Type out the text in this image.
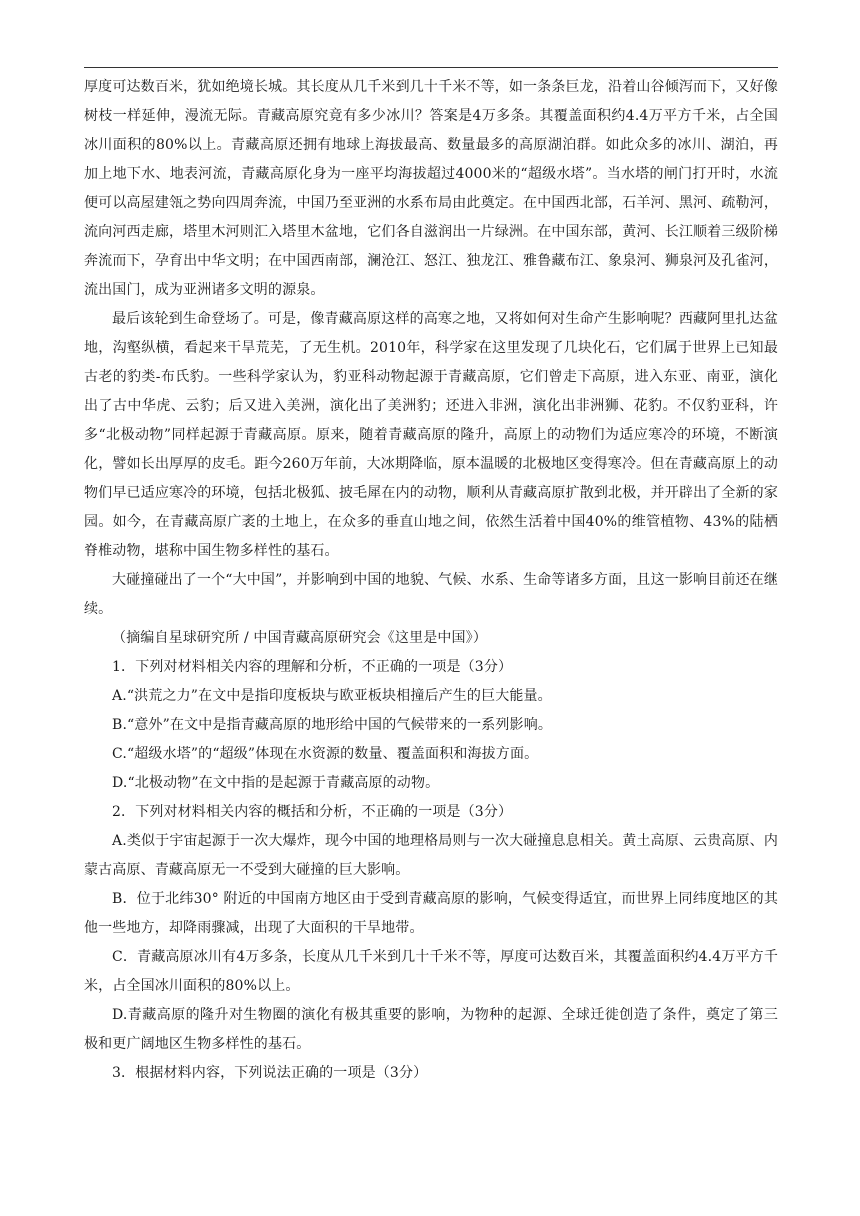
厚度可达数百米，犹如绝境长城。其长度从几千米到几十千米不等，如一条条巨龙，沿着山谷倾泻而下，又好像树枝一样延伸，漫流无际。青藏高原究竟有多少冰川？答案是4万多条。其覆盖面积约4.4万平方千米，占全国冰川面积的80%以上。青藏高原还拥有地球上海拔最高、数量最多的高原湖泊群。如此众多的冰川、湖泊，再加上地下水、地表河流，青藏高原化身为一座平均海拔超过4000米的“超级水塔”。当水塔的闸门打开时，水流便可以高屋建瓴之势向四周奔流，中国乃至亚洲的水系布局由此奠定。在中国西北部，石羊河、黑河、疏勒河，流向河西走廊，塔里木河则汇入塔里木盆地，它们各自滋润出一片绿洲。在中国东部，黄河、长江顺着三级阶梯奔流而下，孕育出中华文明；在中国西南部，澜沧江、怒江、独龙江、雅鲁藏布江、象泉河、狮泉河及孔雀河，流出国门，成为亚洲诸多文明的源泉。

最后该轮到生命登场了。可是，像青藏高原这样的高寒之地，又将如何对生命产生影响呢？西藏阿里扎达盆地，沟壑纵横，看起来干旱荒芜，了无生机。2010年，科学家在这里发现了几块化石，它们属于世界上已知最古老的豹类-布氏豹。一些科学家认为，豹亚科动物起源于青藏高原，它们曾走下高原，进入东亚、南亚，演化出了古中华虎、云豹；后又进入美洲，演化出了美洲豹；还进入非洲，演化出非洲狮、花豹。不仅豹亚科，许多“北极动物”同样起源于青藏高原。原来，随着青藏高原的隆升，高原上的动物们为适应寒冷的环境，不断演化，譬如长出厚厚的皮毛。距今260万年前，大冰期降临，原本温暖的北极地区变得寒冷。但在青藏高原上的动物们早已适应寒冷的环境，包括北极狐、披毛犀在内的动物，顺利从青藏高原扩散到北极，并开辟出了全新的家园。如今，在青藏高原广袤的土地上，在众多的垂直山地之间，依然生活着中国40%的维管植物、43%的陆栖脊椎动物，堪称中国生物多样性的基石。

大碰撞碰出了一个“大中国”，并影响到中国的地貌、气候、水系、生命等诸多方面，且这一影响目前还在继续。

（摘编自星球研究所 / 中国青藏高原研究会《这里是中国》）

1．下列对材料相关内容的理解和分析，不正确的一项是（3分）

A.“洪荒之力”在文中是指印度板块与欧亚板块相撞后产生的巨大能量。

B.“意外”在文中是指青藏高原的地形给中国的气候带来的一系列影响。

C.“超级水塔”的“超级”体现在水资源的数量、覆盖面积和海拔方面。

D.“北极动物”在文中指的是起源于青藏高原的动物。

2．下列对材料相关内容的概括和分析，不正确的一项是（3分）

A.类似于宇宙起源于一次大爆炸，现今中国的地理格局则与一次大碰撞息息相关。黄土高原、云贵高原、内蒙古高原、青藏高原无一不受到大碰撞的巨大影响。

B．位于北纬30° 附近的中国南方地区由于受到青藏高原的影响，气候变得适宜，而世界上同纬度地区的其他一些地方，却降雨骤减，出现了大面积的干旱地带。

C．青藏高原冰川有4万多条，长度从几千米到几十千米不等，厚度可达数百米，其覆盖面积约4.4万平方千米，占全国冰川面积的80%以上。

D.青藏高原的隆升对生物圈的演化有极其重要的影响，为物种的起源、全球迁徙创造了条件，奠定了第三极和更广阔地区生物多样性的基石。

3．根据材料内容，下列说法正确的一项是（3分）
